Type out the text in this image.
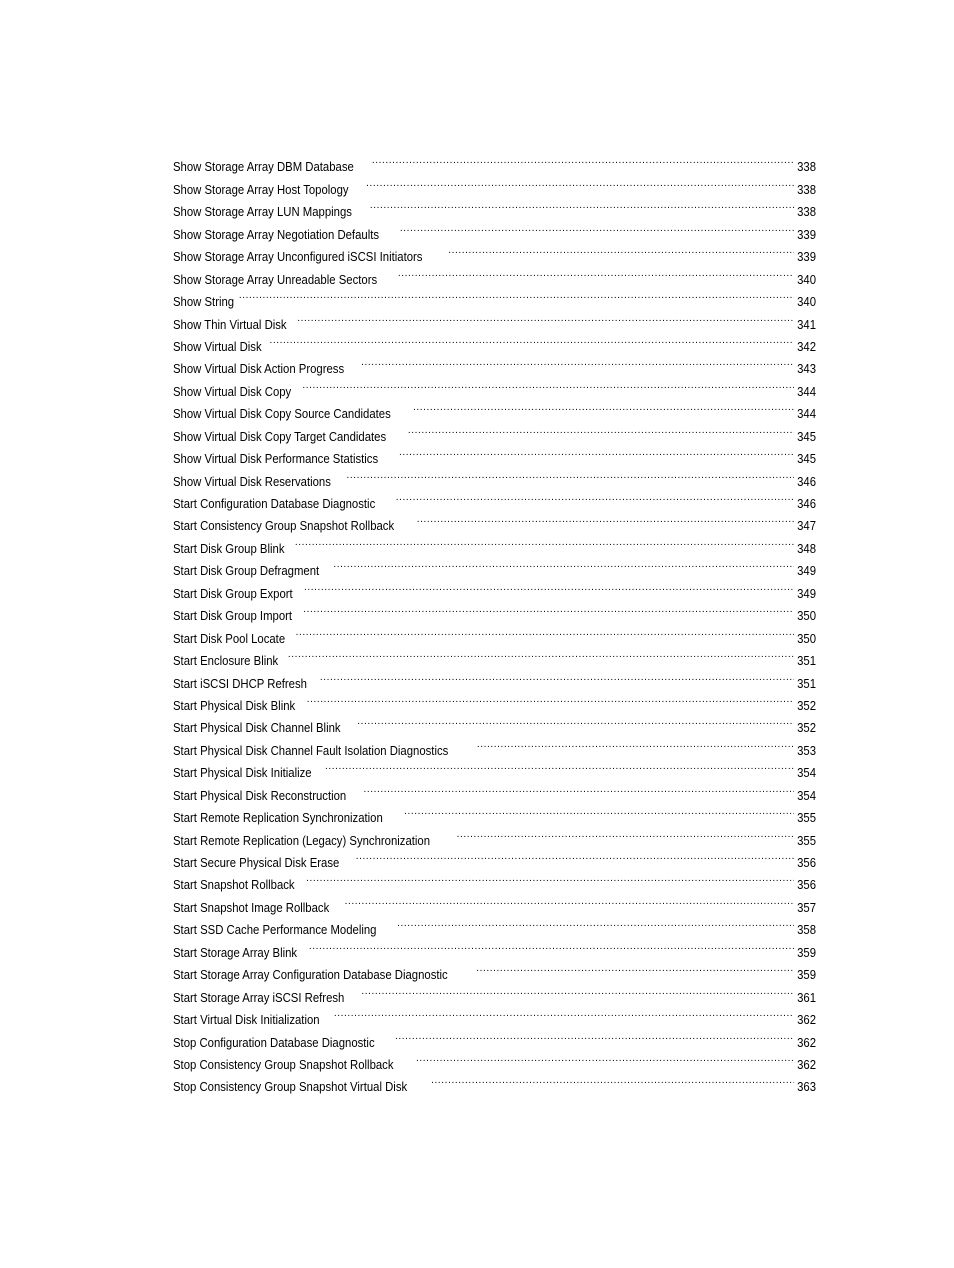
Show Storage Array DBM Database .....	338
Show Storage Array Host Topology .....	338
Show Storage Array LUN Mappings .....	338
Show Storage Array Negotiation Defaults .....	339
Show Storage Array Unconfigured iSCSI Initiators .....	339
Show Storage Array Unreadable Sectors .....	340
Show String .....	340
Show Thin Virtual Disk .....	341
Show Virtual Disk .....	342
Show Virtual Disk Action Progress .....	343
Show Virtual Disk Copy .....	344
Show Virtual Disk Copy Source Candidates .....	344
Show Virtual Disk Copy Target Candidates .....	345
Show Virtual Disk Performance Statistics .....	345
Show Virtual Disk Reservations .....	346
Start Configuration Database Diagnostic .....	346
Start Consistency Group Snapshot Rollback .....	347
Start Disk Group Blink .....	348
Start Disk Group Defragment .....	349
Start Disk Group Export .....	349
Start Disk Group Import .....	350
Start Disk Pool Locate .....	350
Start Enclosure Blink .....	351
Start iSCSI DHCP Refresh .....	351
Start Physical Disk Blink .....	352
Start Physical Disk Channel Blink .....	352
Start Physical Disk Channel Fault Isolation Diagnostics .....	353
Start Physical Disk Initialize .....	354
Start Physical Disk Reconstruction .....	354
Start Remote Replication Synchronization .....	355
Start Remote Replication (Legacy) Synchronization .....	355
Start Secure Physical Disk Erase .....	356
Start Snapshot Rollback .....	356
Start Snapshot Image Rollback .....	357
Start SSD Cache Performance Modeling .....	358
Start Storage Array Blink .....	359
Start Storage Array Configuration Database Diagnostic .....	359
Start Storage Array iSCSI Refresh .....	361
Start Virtual Disk Initialization .....	362
Stop Configuration Database Diagnostic .....	362
Stop Consistency Group Snapshot Rollback .....	362
Stop Consistency Group Snapshot Virtual Disk .....	363
